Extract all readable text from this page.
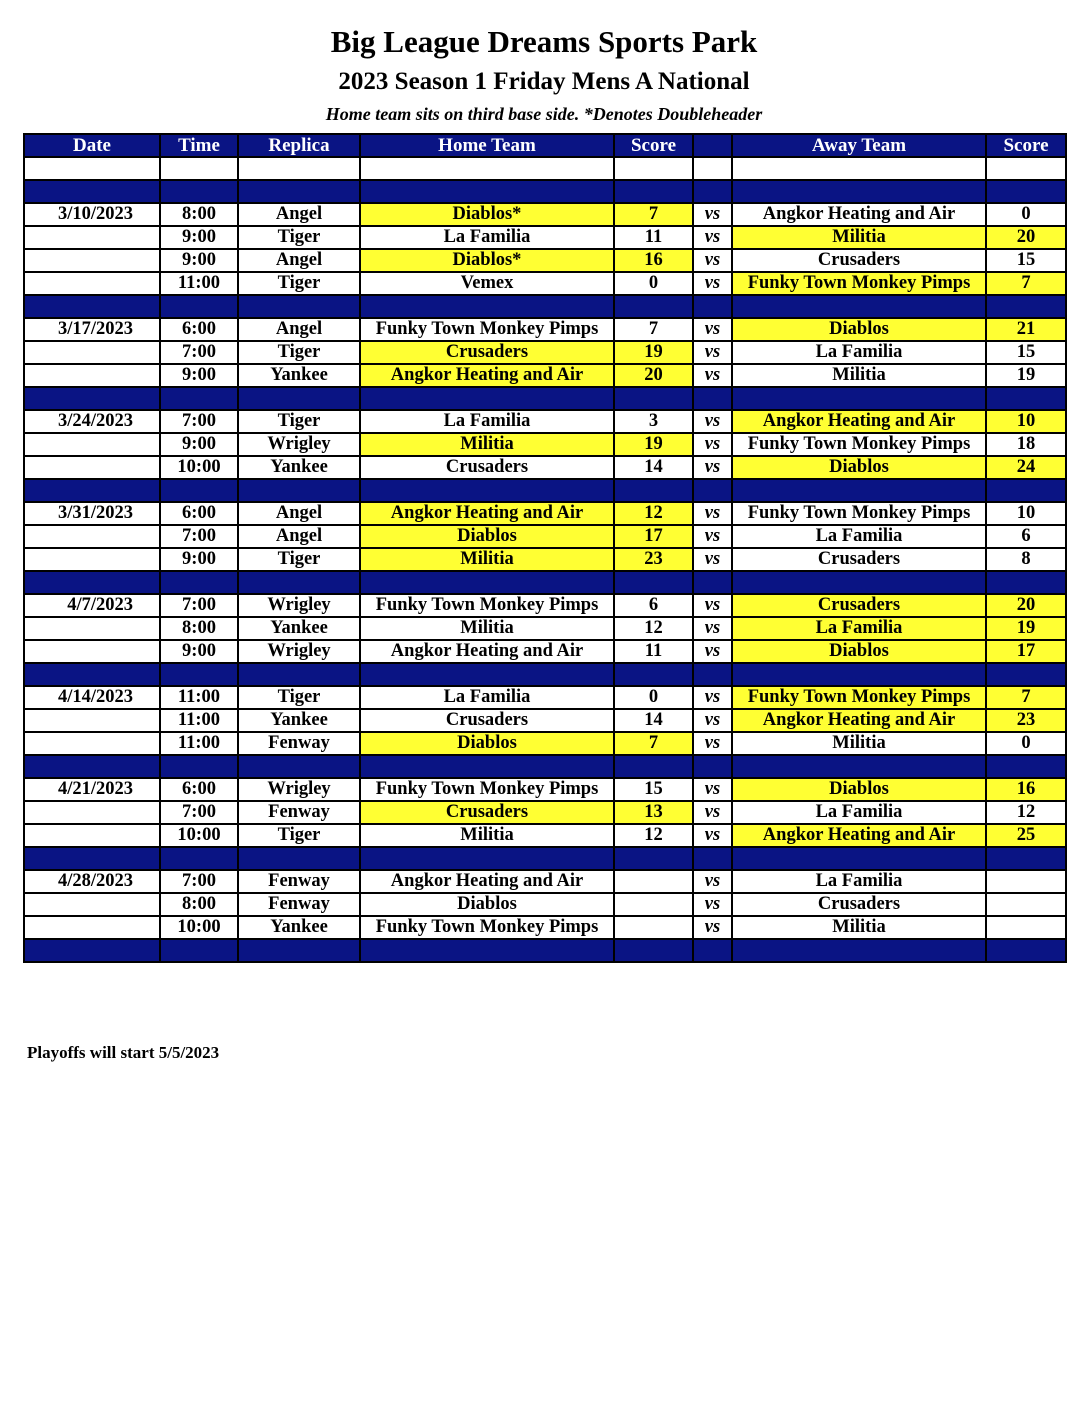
Big League Dreams Sports Park
2023 Season 1 Friday Mens A National
Home team sits on third base side. *Denotes Doubleheader
Date	Time	Replica	Home Team	Score		Away Team	Score

3/10/2023	8:00	Angel	Diablos*	7	vs	Angkor Heating and Air	0
	9:00	Tiger	La Familia	11	vs	Militia	20
	9:00	Angel	Diablos*	16	vs	Crusaders	15
	11:00	Tiger	Vemex	0	vs	Funky Town Monkey Pimps	7

3/17/2023	6:00	Angel	Funky Town Monkey Pimps	7	vs	Diablos	21
	7:00	Tiger	Crusaders	19	vs	La Familia	15
	9:00	Yankee	Angkor Heating and Air	20	vs	Militia	19

3/24/2023	7:00	Tiger	La Familia	3	vs	Angkor Heating and Air	10
	9:00	Wrigley	Militia	19	vs	Funky Town Monkey Pimps	18
	10:00	Yankee	Crusaders	14	vs	Diablos	24

3/31/2023	6:00	Angel	Angkor Heating and Air	12	vs	Funky Town Monkey Pimps	10
	7:00	Angel	Diablos	17	vs	La Familia	6
	9:00	Tiger	Militia	23	vs	Crusaders	8

4/7/2023	7:00	Wrigley	Funky Town Monkey Pimps	6	vs	Crusaders	20
	8:00	Yankee	Militia	12	vs	La Familia	19
	9:00	Wrigley	Angkor Heating and Air	11	vs	Diablos	17

4/14/2023	11:00	Tiger	La Familia	0	vs	Funky Town Monkey Pimps	7
	11:00	Yankee	Crusaders	14	vs	Angkor Heating and Air	23
	11:00	Fenway	Diablos	7	vs	Militia	0

4/21/2023	6:00	Wrigley	Funky Town Monkey Pimps	15	vs	Diablos	16
	7:00	Fenway	Crusaders	13	vs	La Familia	12
	10:00	Tiger	Militia	12	vs	Angkor Heating and Air	25

4/28/2023	7:00	Fenway	Angkor Heating and Air		vs	La Familia	
	8:00	Fenway	Diablos		vs	Crusaders	
	10:00	Yankee	Funky Town Monkey Pimps		vs	Militia	

Playoffs will start 5/5/2023
